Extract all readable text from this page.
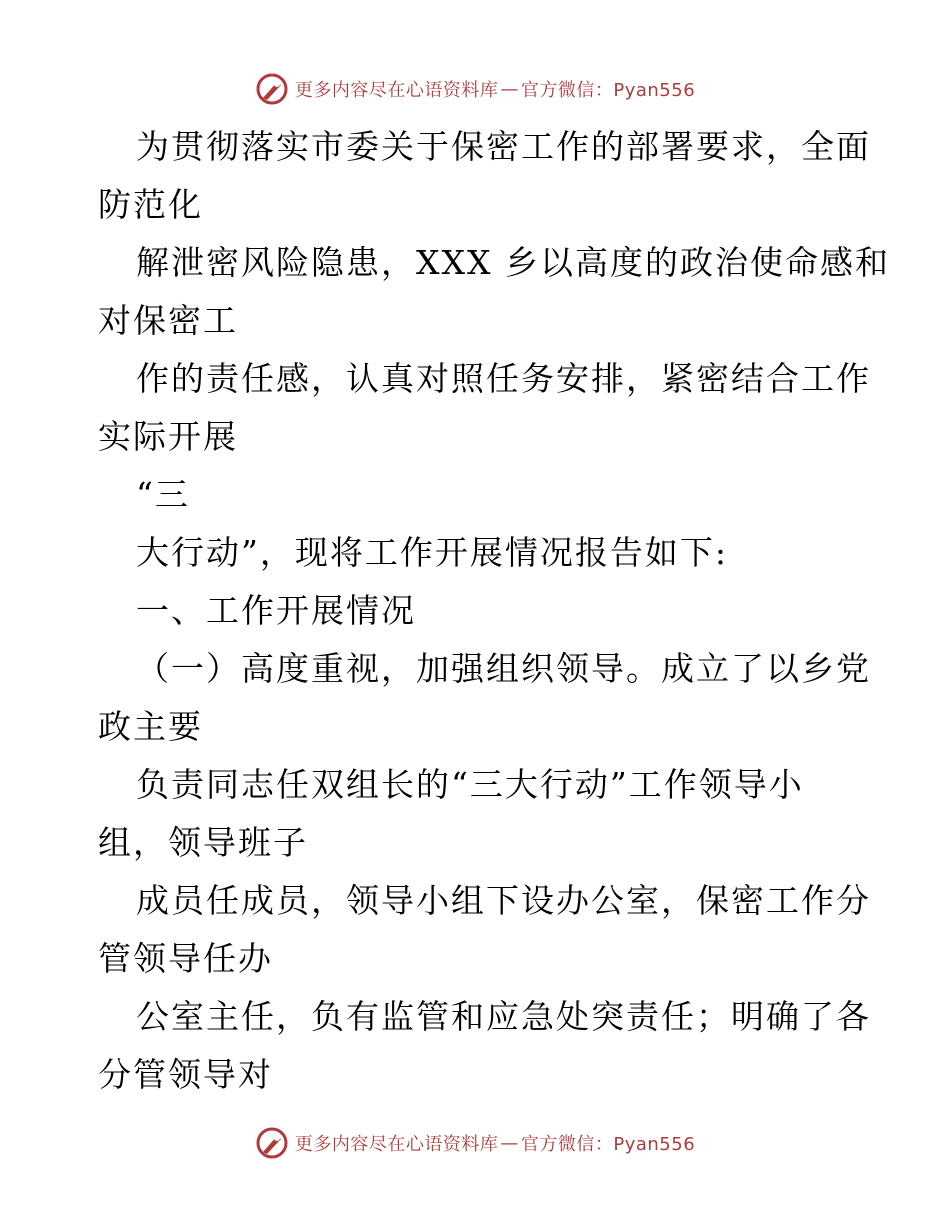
更多内容尽在心语资料库 — 官方微信：Pyan556
为贯彻落实市委关于保密工作的部署要求，全面
防范化
解泄密风险隐患，XXX 乡以高度的政治使命感和
对保密工
作的责任感，认真对照任务安排，紧密结合工作
实际开展
“三
大行动”，现将工作开展情况报告如下:
一、工作开展情况
（一）高度重视，加强组织领导。成立了以乡党
政主要
负责同志任双组长的“三大行动”工作领导小
组，领导班子
成员任成员，领导小组下设办公室，保密工作分
管领导任办
公室主任，负有监管和应急处突责任；明确了各
分管领导对
更多内容尽在心语资料库 — 官方微信：Pyan556
